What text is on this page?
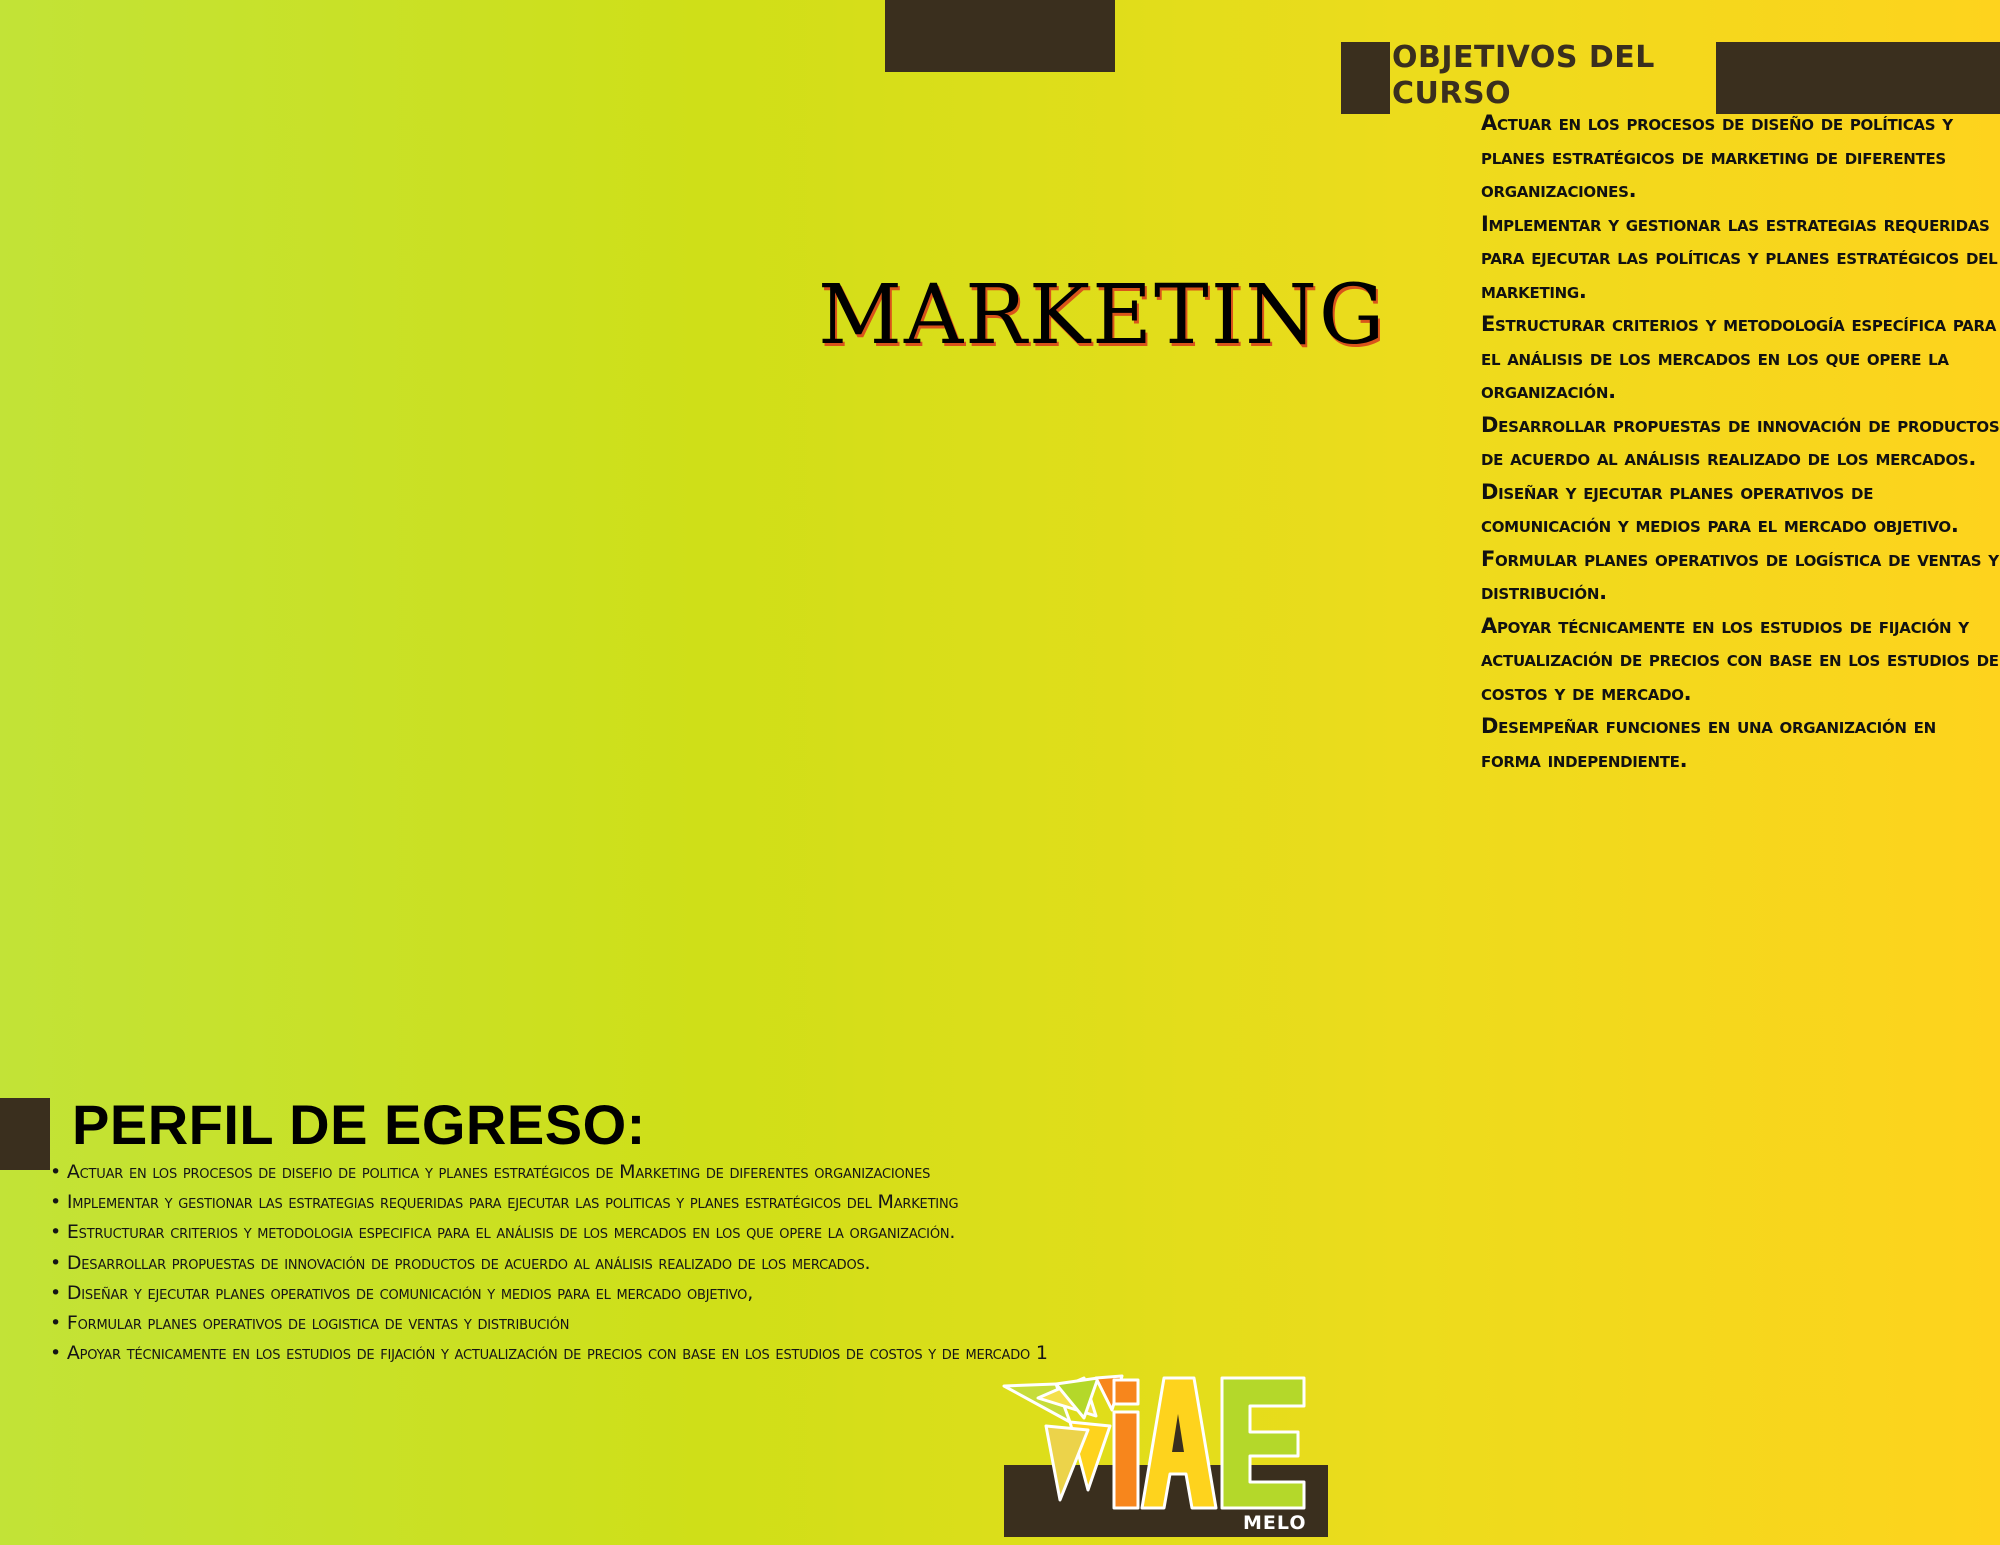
OBJETIVOS DEL CURSO
Actuar en los procesos de diseño de políticas y planes estratégicos de marketing de diferentes organizaciones.
Implementar y gestionar las estrategias requeridas para ejecutar las políticas y planes estratégicos del marketing.
Estructurar criterios y metodología específica para el análisis de los mercados en los que opere la organización.
Desarrollar propuestas de innovación de productos de acuerdo al análisis realizado de los mercados.
Diseñar y ejecutar planes operativos de comunicación y medios para el mercado objetivo.
Formular planes operativos de logística de ventas y distribución.
Apoyar técnicamente en los estudios de fijación y actualización de precios con base en los estudios de costos y de mercado.
Desempeñar funciones en una organización en forma independiente.
MARKETING
PERFIL DE EGRESO:
• Actuar en los procesos de disefio de politica y planes estratégicos de Marketing de diferentes organizaciones
• Implementar y gestionar las estrategias requeridas para ejecutar las politicas y planes estratégicos del Marketing
• Estructurar criterios y metodologia especifica para el análisis de los mercados en los que opere la organización.
• Desarrollar propuestas de innovación de productos de acuerdo al análisis realizado de los mercados.
• Diseñar y ejecutar planes operativos de comunicación y medios para el mercado objetivo,
• Formular planes operativos de logistica de ventas y distribución
• Apoyar técnicamente en los estudios de fijación y actualización de precios con base en los estudios de costos y de mercado 1

MELO
